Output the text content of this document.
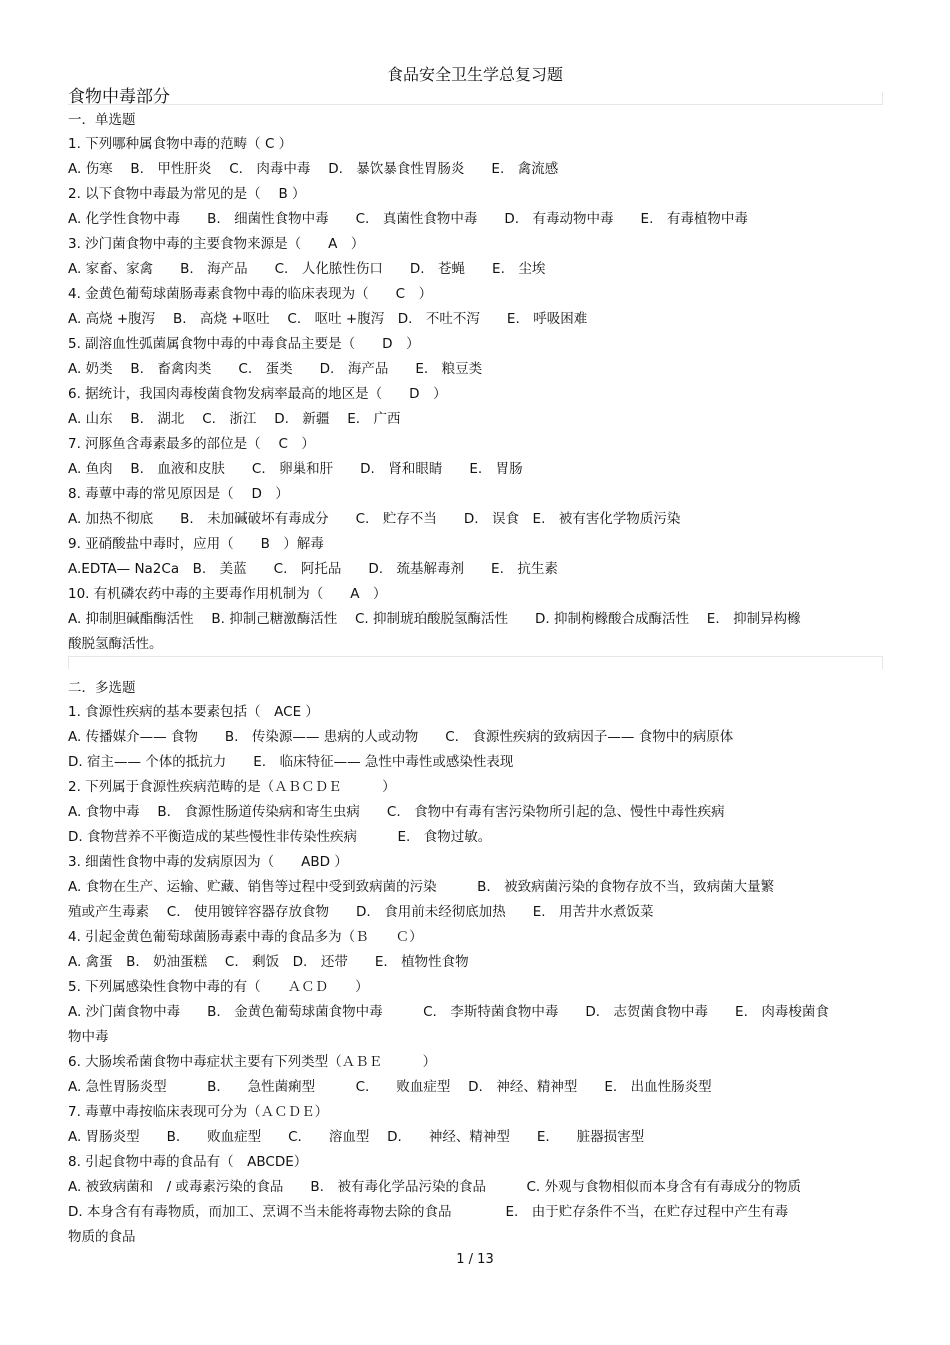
食品安全卫生学总复习题
食物中毒部分
一．单选题
1. 下列哪种属食物中毒的范畴（ C ）
A. 伤寒　 B.　甲性肝炎　 C.　肉毒中毒　 D.　暴饮暴食性胃肠炎　　E.　禽流感
2. 以下食物中毒最为常见的是（　 B ）
A. 化学性食物中毒　　B.　细菌性食物中毒　　C.　真菌性食物中毒　　D.　有毒动物中毒　　E.　有毒植物中毒
3. 沙门菌食物中毒的主要食物来源是（　　A　）
A. 家畜、家禽　　B.　海产品　　C.　人化脓性伤口　　D.　苍蝇　　E.　尘埃
4. 金黄色葡萄球菌肠毒素食物中毒的临床表现为（　　C　）
A. 高烧 +腹泻　 B.　高烧 +呕吐　 C.　呕吐 +腹泻　D.　不吐不泻　　E.　呼吸困难
5. 副溶血性弧菌属食物中毒的中毒食品主要是（　　D　）
A. 奶类　 B.　畜禽肉类　　C.　蛋类　　D.　海产品　　E.　粮豆类
6. 据统计，我国肉毒梭菌食物发病率最高的地区是（　　D　）
A. 山东　 B.　湖北　 C.　浙江　 D.　新疆　 E.　广西
7. 河豚鱼含毒素最多的部位是（　 C　）
A. 鱼肉　 B.　血液和皮肤　　C.　卵巢和肝　　D.　肾和眼睛　　E.　胃肠
8. 毒蕈中毒的常见原因是（　 D　）
A. 加热不彻底　　B.　未加碱破坏有毒成分　　C.　贮存不当　　D.　误食　E.　被有害化学物质污染
9. 亚硝酸盐中毒时，应用（　　B　）解毒
A.EDTA— Na2Ca　B.　美蓝　　C.　阿托品　　D.　巯基解毒剂　　E.　抗生素
10. 有机磷农药中毒的主要毒作用机制为（　　A　）
A. 抑制胆碱酯酶活性　 B. 抑制己糖激酶活性　 C. 抑制琥珀酸脱氢酶活性　　D. 抑制枸橼酸合成酶活性　 E.　抑制异构橼
酸脱氢酶活性。
二．多选题
1. 食源性疾病的基本要素包括（　ACE ）
A. 传播媒介—— 食物　　B.　传染源—— 患病的人或动物　　C.　食源性疾病的致病因子—— 食物中的病原体
D. 宿主—— 个体的抵抗力　　E.　临床特征—— 急性中毒性或感染性表现
2. 下列属于食源性疾病范畴的是（ＡＢＣＤＥ　　　）
A. 食物中毒　 B.　食源性肠道传染病和寄生虫病　　C.　食物中有毒有害污染物所引起的急、慢性中毒性疾病
D. 食物营养不平衡造成的某些慢性非传染性疾病　　　E.　食物过敏。
3. 细菌性食物中毒的发病原因为（　　ABD ）
A. 食物在生产、运输、贮藏、销售等过程中受到致病菌的污染　　　B.　被致病菌污染的食物存放不当，致病菌大量繁
殖或产生毒素　 C.　使用镀锌容器存放食物　　D.　食用前未经彻底加热　　E.　用苦井水煮饭菜
4. 引起金黄色葡萄球菌肠毒素中毒的食品多为（Ｂ　　Ｃ）
A. 禽蛋　B.　奶油蛋糕　 C.　剩饭　D.　还带　　E.　植物性食物
5. 下列属感染性食物中毒的有（　　ＡＣＤ　　）
A. 沙门菌食物中毒　　B.　金黄色葡萄球菌食物中毒　　　C.　李斯特菌食物中毒　　D.　志贺菌食物中毒　　E.　肉毒梭菌食
物中毒
6. 大肠埃希菌食物中毒症状主要有下列类型（ＡＢＥ　　　）
A. 急性胃肠炎型　　　B.　　急性菌痢型　　　C.　　败血症型　 D.　神经、精神型　　E.　出血性肠炎型
7. 毒蕈中毒按临床表现可分为（ＡＣＤＥ）
A. 胃肠炎型　　B.　　败血症型　　C.　　溶血型　 D.　　神经、精神型　　E.　　脏器损害型
8. 引起食物中毒的食品有（　ABCDE）
A. 被致病菌和　/ 或毒素污染的食品　　B.　被有毒化学品污染的食品　　　C. 外观与食物相似而本身含有有毒成分的物质
D. 本身含有有毒物质，而加工、烹调不当未能将毒物去除的食品　　　　E.　由于贮存条件不当，在贮存过程中产生有毒
物质的食品
1 / 13
